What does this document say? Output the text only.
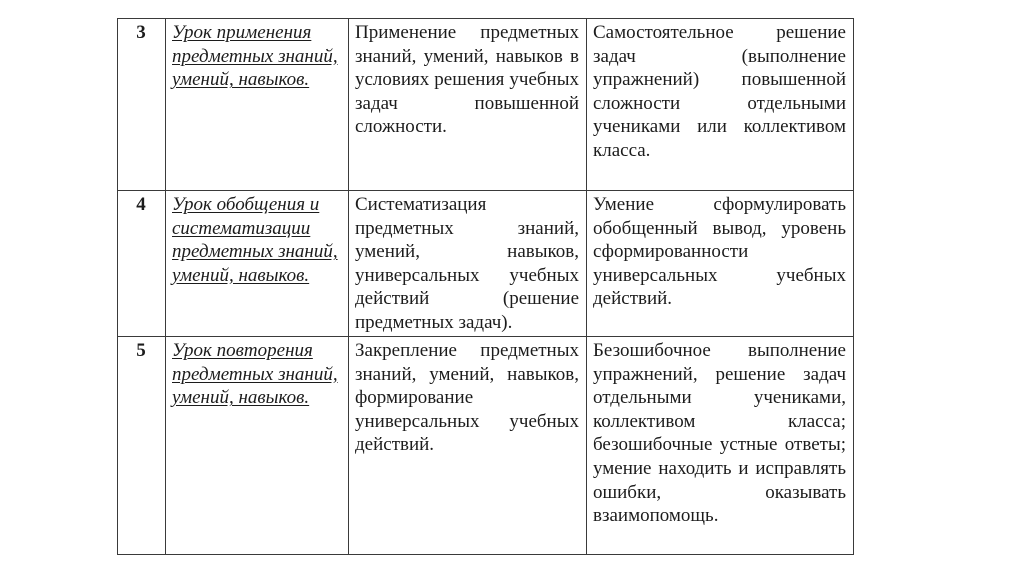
3	Урок применения предметных знаний, умений, навыков.	Применение предметных знаний, умений, навыков в условиях решения учебных задач повышенной сложности.	Самостоятельное решение задач (выполнение упражнений) повышенной сложности отдельными учениками или коллективом класса.
4	Урок обобщения и систематизации предметных знаний, умений, навыков.	Систематизация предметных знаний, умений, навыков, универсальных учебных действий (решение предметных задач).	Умение сформулировать обобщенный вывод, уровень сформированности универсальных учебных действий.
5	Урок повторения предметных знаний, умений, навыков.	Закрепление предметных знаний, умений, навыков, формирование универсальных учебных действий.	Безошибочное выполнение упражнений, решение задач отдельными учениками, коллективом класса; безошибочные устные ответы; умение находить и исправлять ошибки, оказывать взаимопомощь.
